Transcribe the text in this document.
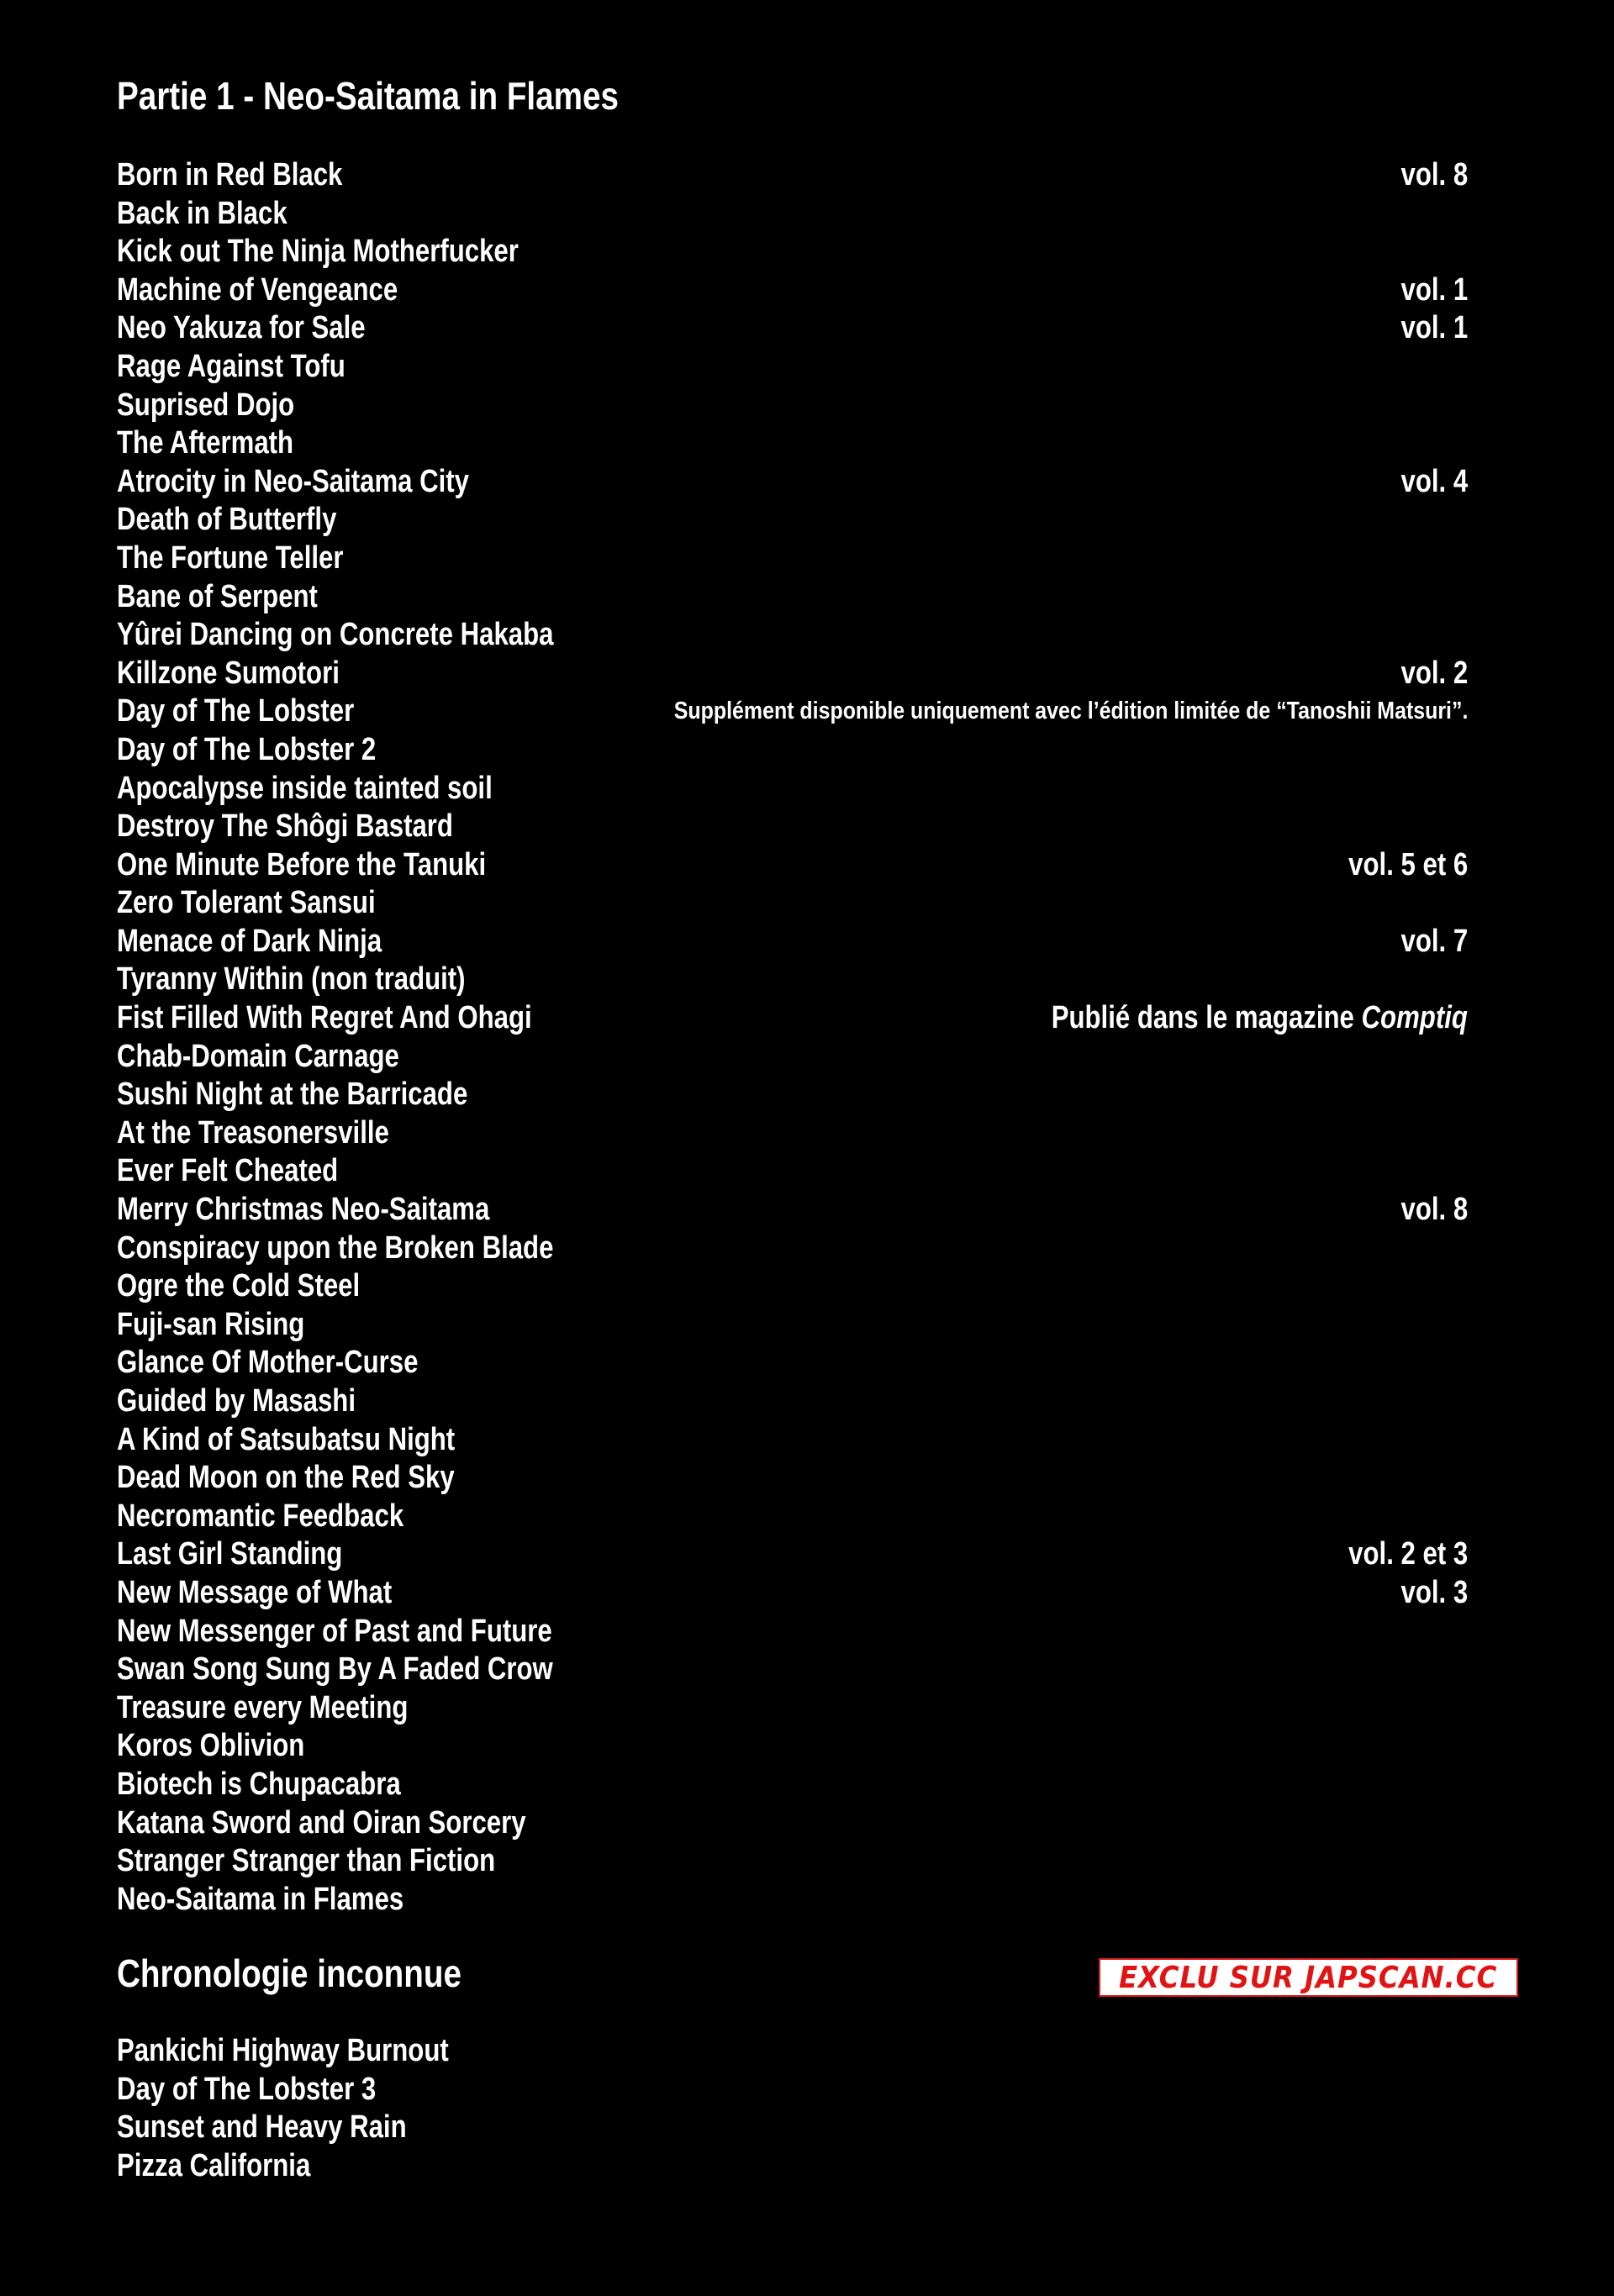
Partie 1 - Neo-Saitama in Flames
Born in Red Black	vol. 8
Back in Black
Kick out The Ninja Motherfucker
Machine of Vengeance	vol. 1
Neo Yakuza for Sale	vol. 1
Rage Against Tofu
Suprised Dojo
The Aftermath
Atrocity in Neo-Saitama City	vol. 4
Death of Butterfly
The Fortune Teller
Bane of Serpent
Yûrei Dancing on Concrete Hakaba
Killzone Sumotori	vol. 2
Day of The Lobster	Supplément disponible uniquement avec l’édition limitée de “Tanoshii Matsuri”.
Day of The Lobster 2
Apocalypse inside tainted soil
Destroy The Shôgi Bastard
One Minute Before the Tanuki	vol. 5 et 6
Zero Tolerant Sansui
Menace of Dark Ninja	vol. 7
Tyranny Within (non traduit)
Fist Filled With Regret And Ohagi	Publié dans le magazine Comptiq
Chab-Domain Carnage
Sushi Night at the Barricade
At the Treasonersville
Ever Felt Cheated
Merry Christmas Neo-Saitama	vol. 8
Conspiracy upon the Broken Blade
Ogre the Cold Steel
Fuji-san Rising
Glance Of Mother-Curse
Guided by Masashi
A Kind of Satsubatsu Night
Dead Moon on the Red Sky
Necromantic Feedback
Last Girl Standing	vol. 2 et 3
New Message of What	vol. 3
New Messenger of Past and Future
Swan Song Sung By A Faded Crow
Treasure every Meeting
Koros Oblivion
Biotech is Chupacabra
Katana Sword and Oiran Sorcery
Stranger Stranger than Fiction
Neo-Saitama in Flames
Chronologie inconnue	EXCLU SUR JAPSCAN.CC
Pankichi Highway Burnout
Day of The Lobster 3
Sunset and Heavy Rain
Pizza California
